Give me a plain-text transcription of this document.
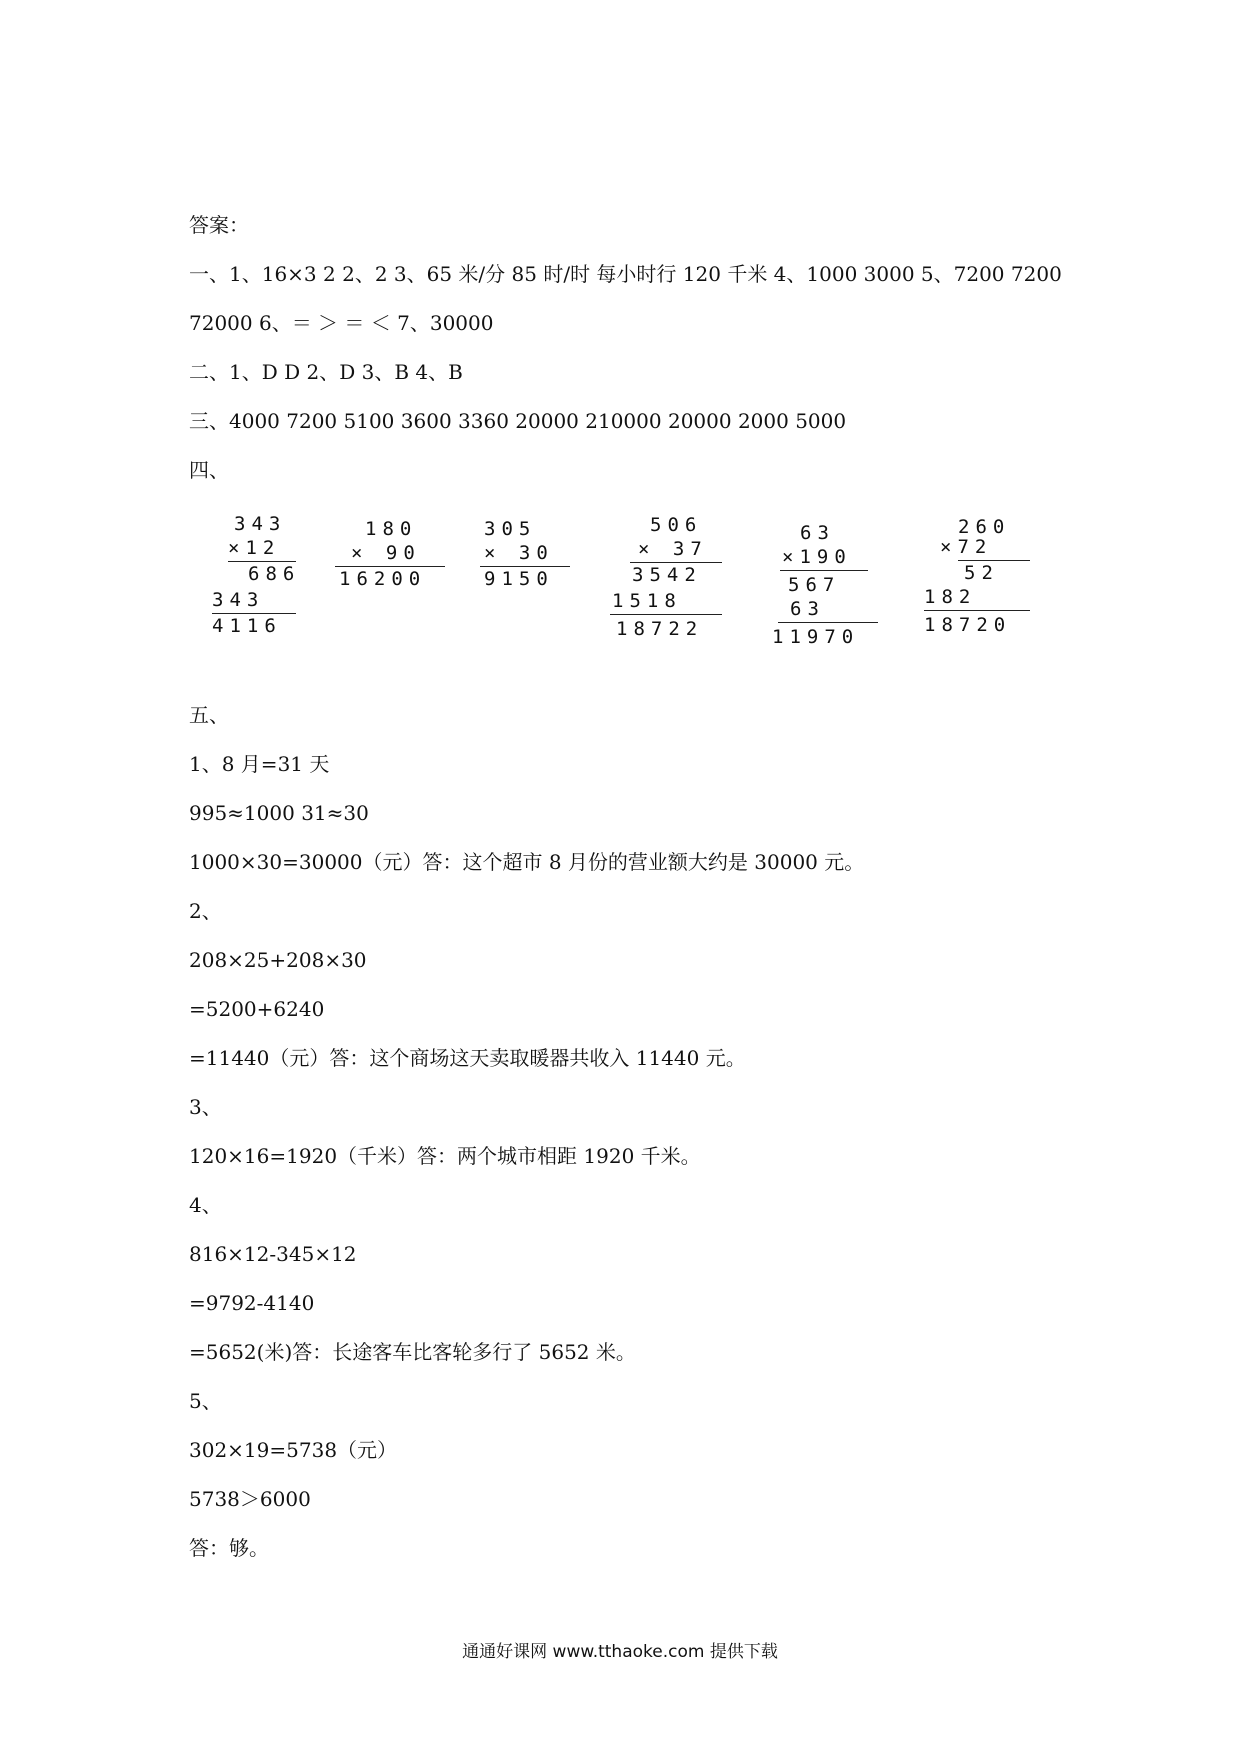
答案：
一、1、16×3 2 2、2 3、65 米/分 85 时/时 每小时行 120 千米 4、1000 3000 5、7200 7200
72000 6、＝ ＞ ＝ ＜ 7、30000
二、1、D D 2、D 3、B 4、B
三、4000 7200 5100 3600 3360 20000 210000 20000 2000 5000
四、

343

×12

686

343

4116

180

× 90

16200

305

× 30

9150

506

× 37

3542

1518

18722

63

×190

567

63

11970

260

×72

52

182

18720

五、
1、8 月=31 天
995≈1000 31≈30
1000×30=30000（元）答：这个超市 8 月份的营业额大约是 30000 元。
2、
208×25+208×30
=5200+6240
=11440（元）答：这个商场这天卖取暖器共收入 11440 元。
3、
120×16=1920（千米）答：两个城市相距 1920 千米。
4、
816×12-345×12
=9792-4140
=5652(米)答：长途客车比客轮多行了 5652 米。
5、
302×19=5738（元）
5738＞6000
答：够。
通通好课网 www.tthaoke.com 提供下载
